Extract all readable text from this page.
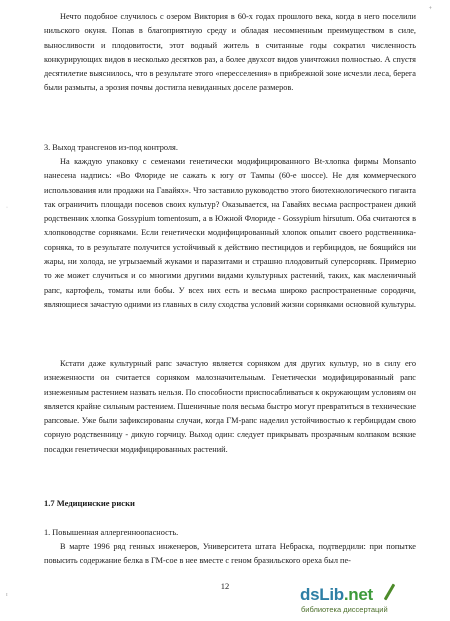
+
·
ɪ

Нечто подобное случилось с озером Виктория в 60-х годах прошлого века, когда в него поселили нильского окуня. Попав в благоприятную среду и обладая несомненным преимуществом в силе, выносливости и плодовитости, этот водный житель в считанные годы сократил численность конкурирующих видов в несколько десятков раз, а более двухсот видов уничтожил полностью. А спустя десятилетие выяснилось, что в результате этого «пересселения» в прибрежной зоне исчезли леса, берега были размыты, а эрозия почвы достигла невиданных доселе размеров.

3. Выход трансгенов из-под контроля.

На каждую упаковку с семенами генетически модифицированного Bt-хлопка фирмы Monsanto нанесена надпись: «Во Флориде не сажать к югу от Тампы (60-е шоссе). Не для коммерческого использования или продажи на Гавайях». Что заставило руководство этого биотехнологического гиганта так ограничить площади посевов своих культур? Оказывается, на Гавайях весьма распространен дикий родственник хлопка Gossypium tomentosum, а в Южной Флориде - Gossypium hirsutum. Оба считаются в хлопководстве сорняками. Если генетически модифицированный хлопок опылит своего родственника-сорняка, то в результате получится устойчивый к действию пестицидов и гербицидов, не боящийся ни жары, ни холода, не угрызаемый жуками и паразитами и страшно плодовитый суперсорняк. Примерно то же может случиться и со многими другими видами культурных растений, таких, как масленичный рапс, картофель, томаты или бобы. У всех них есть и весьма широко распространенные сородичи, являющиеся зачастую одними из главных в силу сходства условий жизни сорняками основной культуры.

Кстати даже культурный рапс зачастую является сорняком для других культур, но в силу его изнеженности он считается сорняком малозначительным. Генетически модифицированный рапс изнеженным растением назвать нельзя. По способности приспосабливаться к окружающим условиям он является крайне сильным растением. Пшеничные поля весьма быстро могут превратиться в технические рапсовые. Уже были зафиксированы случаи, когда ГМ-рапс наделил устойчивостью к гербицидам свою сорную родственницу - дикую горчицу. Выход один: следует прикрывать прозрачным колпаком всякие посадки генетически модифицированных растений.

1.7 Медицинские риски

1. Повышенная аллергенноопасность.

В марте 1996 ряд генных инженеров, Университета штата Небраска, подтвердили: при попытке повысить содержание белка в ГМ-сое в нее вместе с геном бразильского ореха был пе-

12	dsLib.net
библиотека диссертаций
